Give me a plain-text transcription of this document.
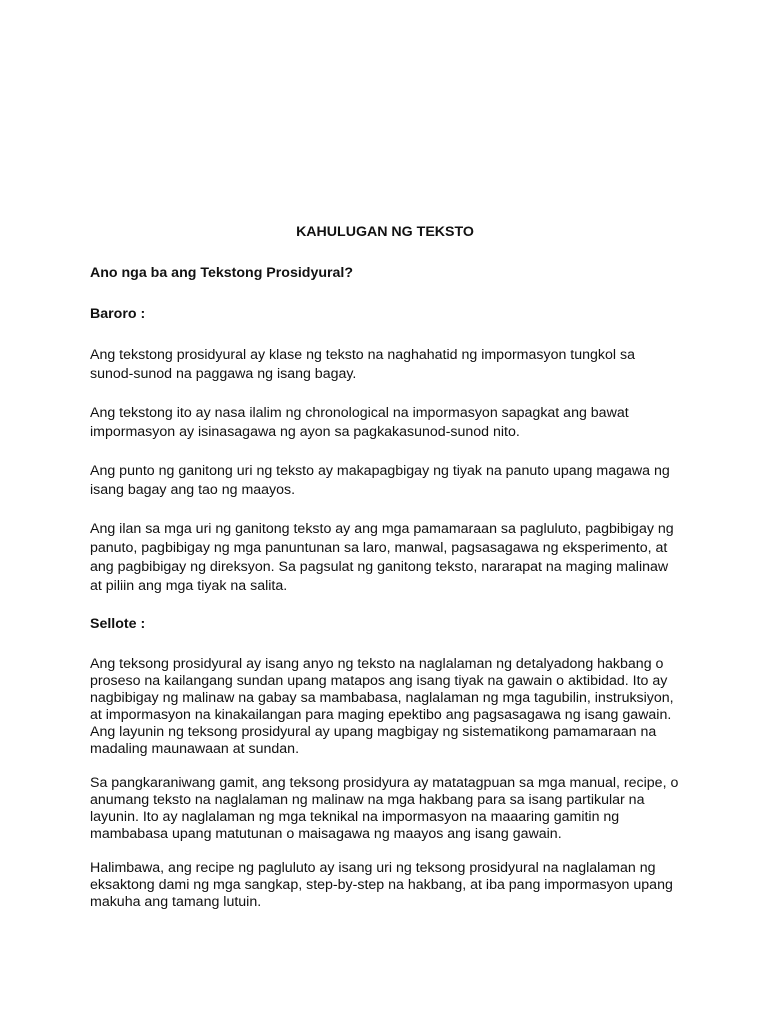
KAHULUGAN NG TEKSTO
Ano nga ba ang Tekstong Prosidyural?
Baroro :

Ang tekstong prosidyural ay klase ng teksto na naghahatid ng impormasyon tungkol sa sunod-sunod na paggawa ng isang bagay.

Ang tekstong ito ay nasa ilalim ng chronological na impormasyon sapagkat ang bawat impormasyon ay isinasagawa ng ayon sa pagkakasunod-sunod nito.

Ang punto ng ganitong uri ng teksto ay makapagbigay ng tiyak na panuto upang magawa ng isang bagay ang tao ng maayos.

Ang ilan sa mga uri ng ganitong teksto ay ang mga pamamaraan sa pagluluto, pagbibigay ng panuto, pagbibigay ng mga panuntunan sa laro, manwal, pagsasagawa ng eksperimento, at ang pagbibigay ng direksyon. Sa pagsulat ng ganitong teksto, nararapat na maging malinaw at piliin ang mga tiyak na salita.

Sellote :

Ang teksong prosidyural ay isang anyo ng teksto na naglalaman ng detalyadong hakbang o proseso na kailangang sundan upang matapos ang isang tiyak na gawain o aktibidad. Ito ay nagbibigay ng malinaw na gabay sa mambabasa, naglalaman ng mga tagubilin, instruksiyon, at impormasyon na kinakailangan para maging epektibo ang pagsasagawa ng isang gawain. Ang layunin ng teksong prosidyural ay upang magbigay ng sistematikong pamamaraan na madaling maunawaan at sundan.

Sa pangkaraniwang gamit, ang teksong prosidyura ay matatagpuan sa mga manual, recipe, o anumang teksto na naglalaman ng malinaw na mga hakbang para sa isang partikular na layunin. Ito ay naglalaman ng mga teknikal na impormasyon na maaaring gamitin ng mambabasa upang matutunan o maisagawa ng maayos ang isang gawain.

Halimbawa, ang recipe ng pagluluto ay isang uri ng teksong prosidyural na naglalaman ng eksaktong dami ng mga sangkap, step-by-step na hakbang, at iba pang impormasyon upang makuha ang tamang lutuin.
